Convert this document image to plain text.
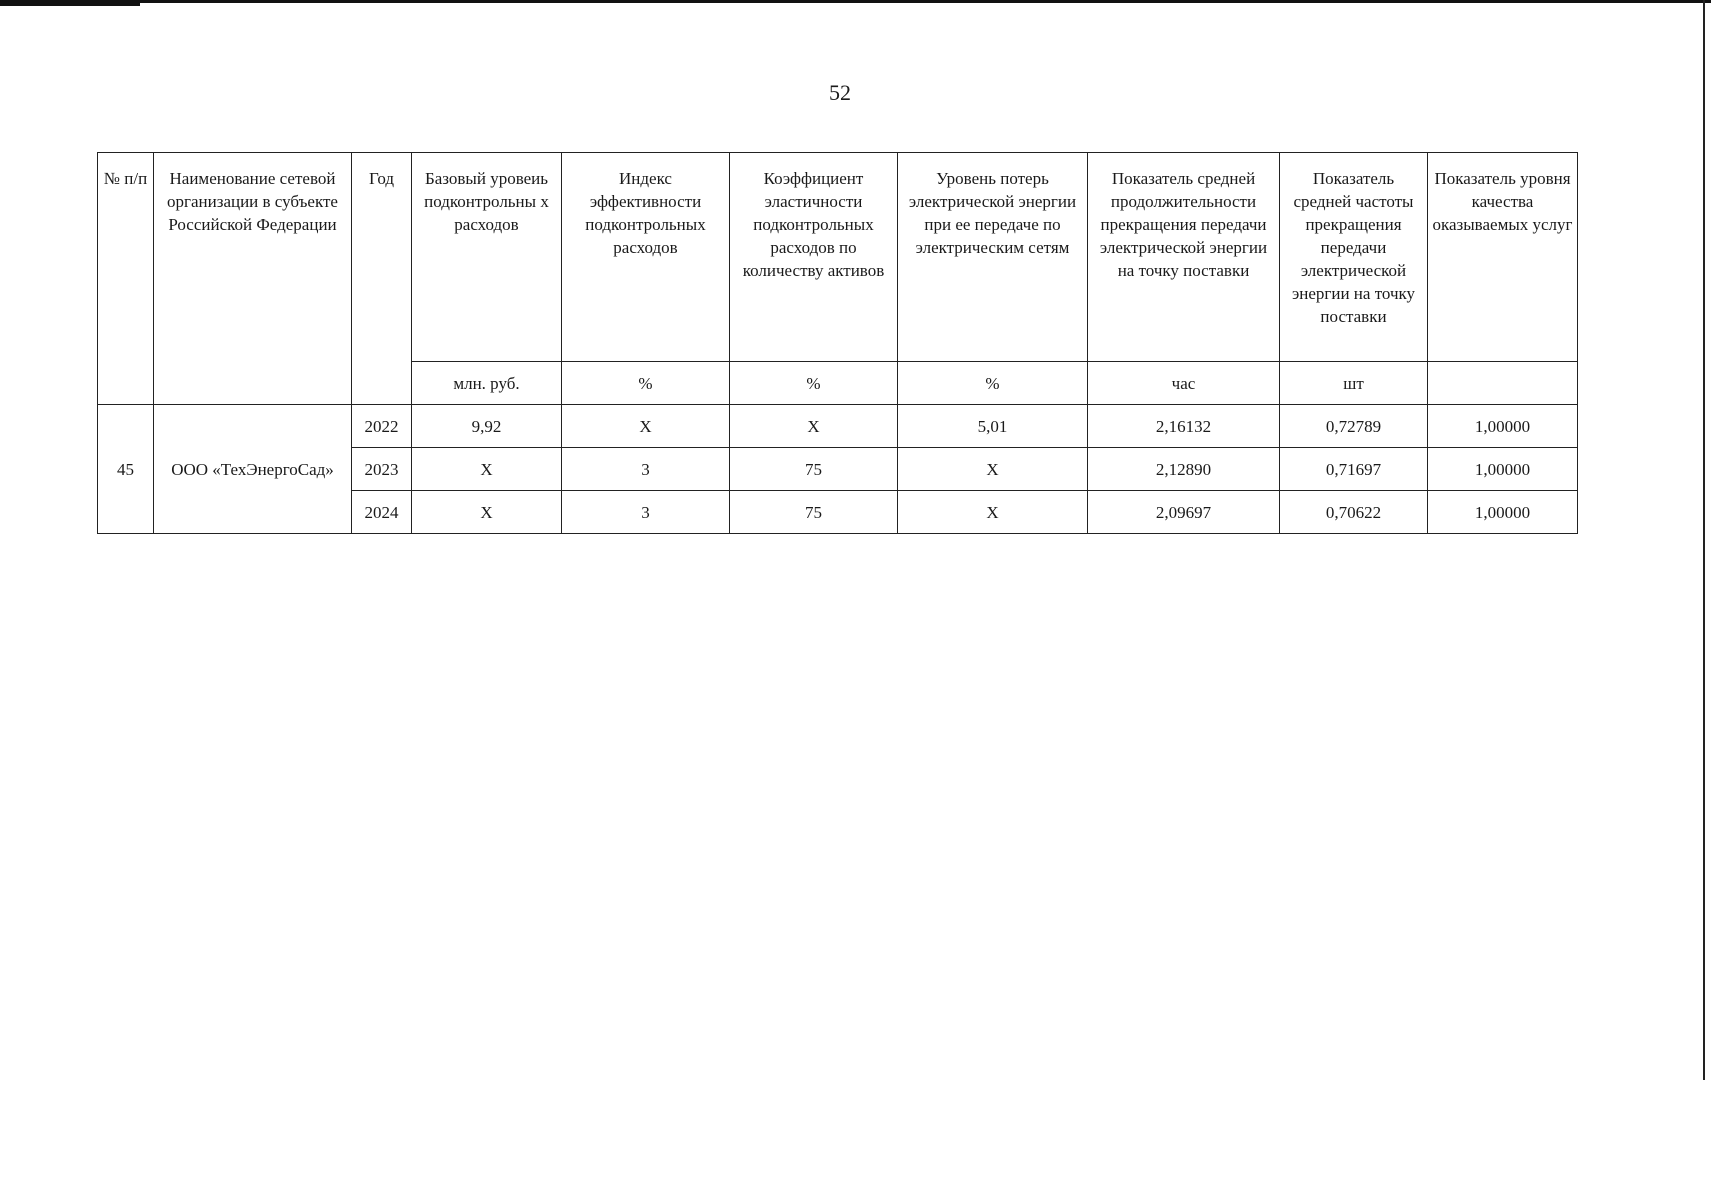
52
№ п/п	Наименование сетевой организации в субъекте Российской Федерации	Год	Базовый уровеиь подконтрольны х расходов	Индекс эффективности подконтрольных расходов	Коэффициент эластичности подконтрольных расходов по количеству активов	Уровень потерь электрической энергии при ее передаче по электрическим сетям	Показатель средней продолжительности прекращения передачи электрической энергии на точку поставки	Показатель средней частоты прекращения передачи электрической энергии на точку поставки	Показатель уровня качества оказываемых услуг
			млн. руб.	%	%	%	час	шт	
45	ООО «ТехЭнергоСад»	2022	9,92	X	X	5,01	2,16132	0,72789	1,00000
		2023	X	3	75	X	2,12890	0,71697	1,00000
		2024	X	3	75	X	2,09697	0,70622	1,00000
